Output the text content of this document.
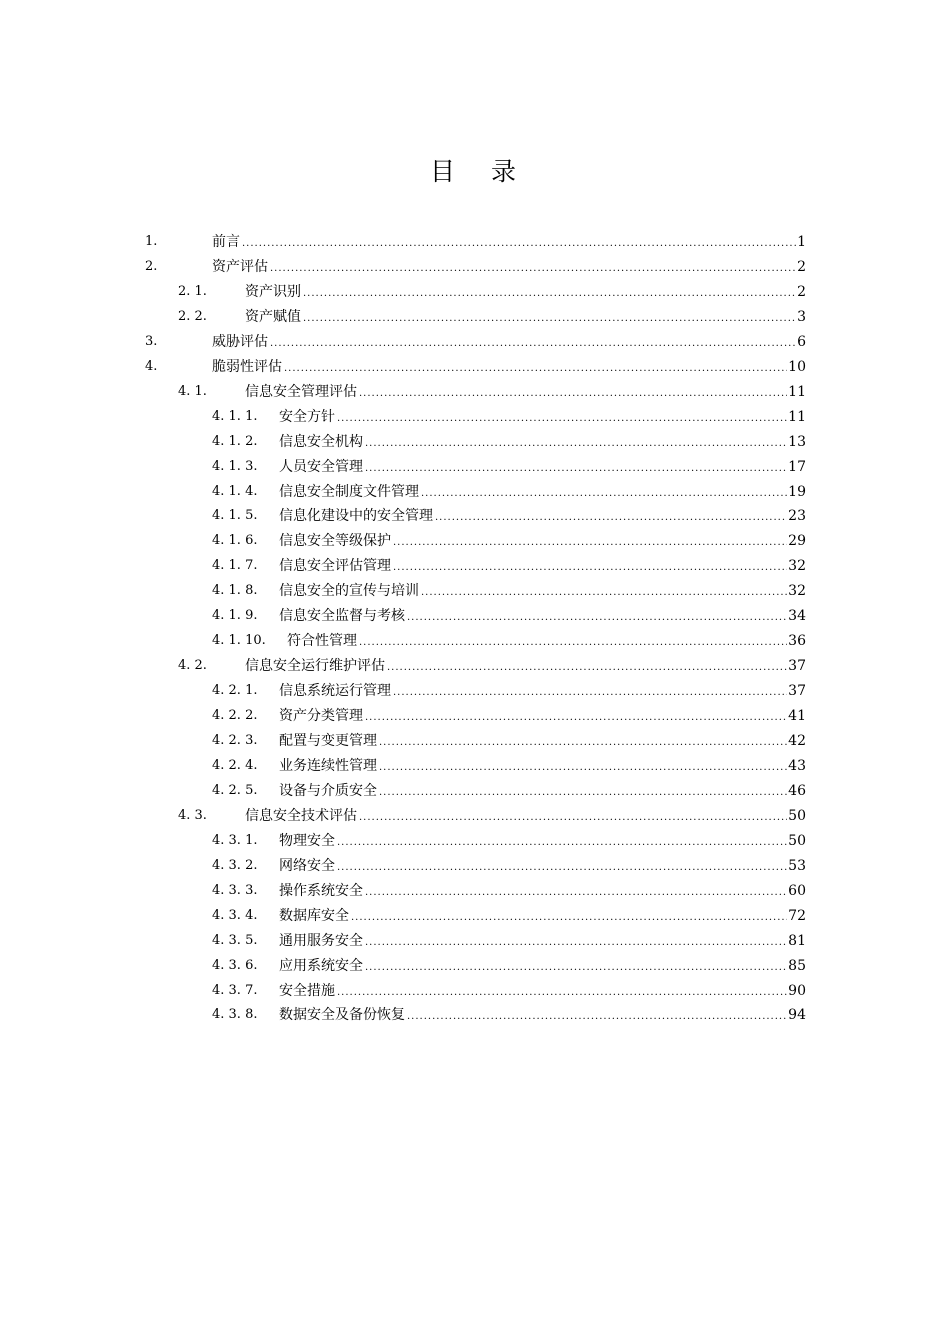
目 录
1.	前言 .....	1
2.	资产评估 .....	2
2. 1.	资产识别 .....	2
2. 2.	资产赋值 .....	3
3.	威胁评估 .....	6
4.	脆弱性评估 .....	10
4. 1.	信息安全管理评估 .....	11
4. 1. 1. 安全方针 .....	11
4. 1. 2. 信息安全机构 .....	13
4. 1. 3. 人员安全管理 .....	17
4. 1. 4. 信息安全制度文件管理 .....	19
4. 1. 5. 信息化建设中的安全管理 .....	23
4. 1. 6. 信息安全等级保护 .....	29
4. 1. 7. 信息安全评估管理 .....	32
4. 1. 8. 信息安全的宣传与培训 .....	32
4. 1. 9. 信息安全监督与考核 .....	34
4. 1. 10. 符合性管理 .....	36
4. 2.	信息安全运行维护评估 .....	37
4. 2. 1. 信息系统运行管理 .....	37
4. 2. 2. 资产分类管理 .....	41
4. 2. 3. 配置与变更管理 .....	42
4. 2. 4. 业务连续性管理 .....	43
4. 2. 5. 设备与介质安全 .....	46
4. 3.	信息安全技术评估 .....	50
4. 3. 1. 物理安全 .....	50
4. 3. 2. 网络安全 .....	53
4. 3. 3. 操作系统安全 .....	60
4. 3. 4. 数据库安全 .....	72
4. 3. 5. 通用服务安全 .....	81
4. 3. 6. 应用系统安全 .....	85
4. 3. 7. 安全措施 .....	90
4. 3. 8. 数据安全及备份恢复 .....	94
